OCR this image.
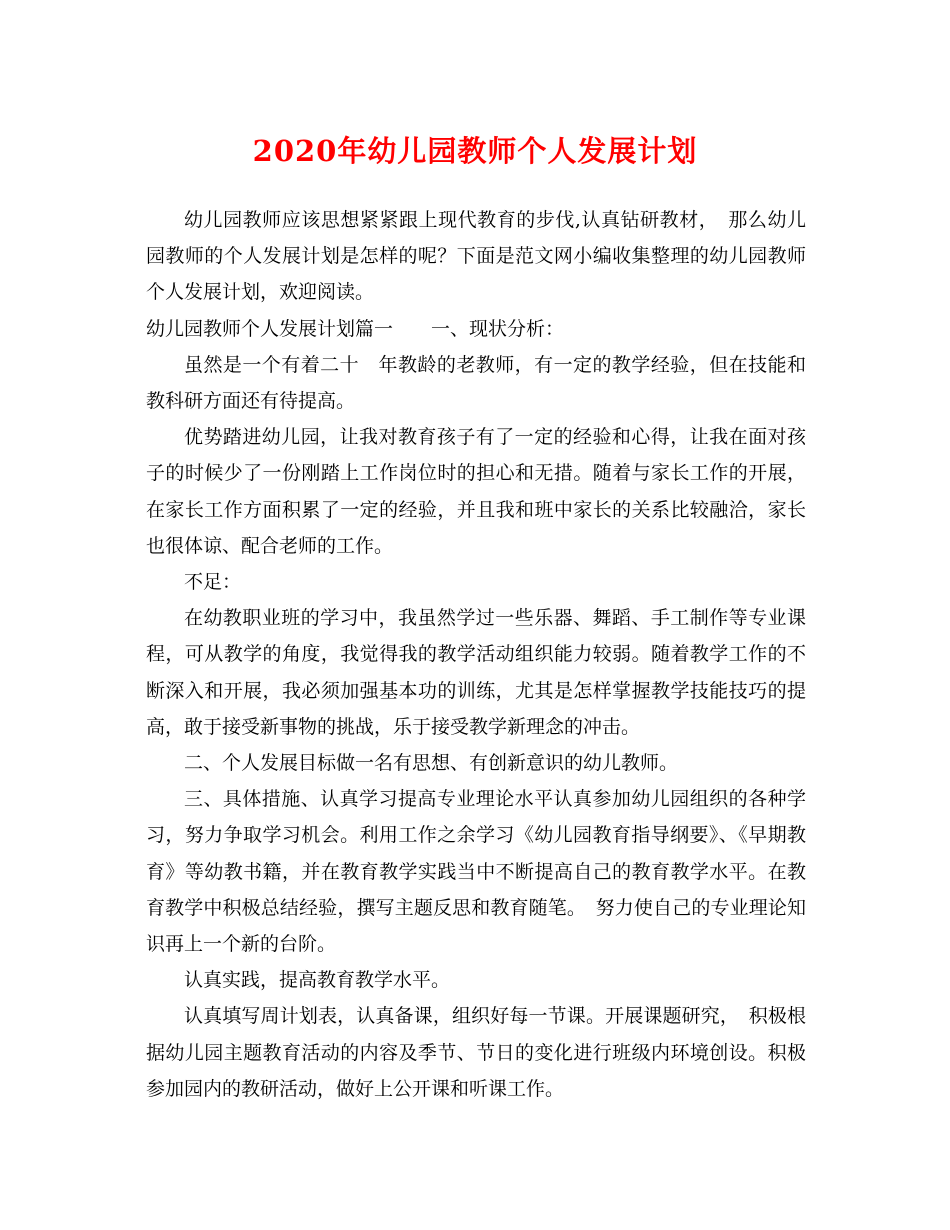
2020年幼儿园教师个人发展计划

幼儿园教师应该思想紧紧跟上现代教育的步伐,认真钻研教材，　那么幼儿园教师的个人发展计划是怎样的呢？下面是范文网小编收集整理的幼儿园教师个人发展计划，欢迎阅读。

幼儿园教师个人发展计划篇一　　一、现状分析：

虽然是一个有着二十　年教龄的老教师，有一定的教学经验，但在技能和教科研方面还有待提高。

优势踏进幼儿园，让我对教育孩子有了一定的经验和心得，让我在面对孩子的时候少了一份刚踏上工作岗位时的担心和无措。随着与家长工作的开展，在家长工作方面积累了一定的经验，并且我和班中家长的关系比较融洽，家长也很体谅、配合老师的工作。

不足：

在幼教职业班的学习中，我虽然学过一些乐器、舞蹈、手工制作等专业课程，可从教学的角度，我觉得我的教学活动组织能力较弱。随着教学工作的不断深入和开展，我必须加强基本功的训练，尤其是怎样掌握教学技能技巧的提高，敢于接受新事物的挑战，乐于接受教学新理念的冲击。

二、个人发展目标做一名有思想、有创新意识的幼儿教师。

三、具体措施、认真学习提高专业理论水平认真参加幼儿园组织的各种学习，努力争取学习机会。利用工作之余学习《幼儿园教育指导纲要》、《早期教育》等幼教书籍，并在教育教学实践当中不断提高自己的教育教学水平。在教育教学中积极总结经验，撰写主题反思和教育随笔。　努力使自己的专业理论知识再上一个新的台阶。

认真实践，提高教育教学水平。

认真填写周计划表，认真备课，组织好每一节课。开展课题研究，　积极根据幼儿园主题教育活动的内容及季节、节日的变化进行班级内环境创设。积极参加园内的教研活动，做好上公开课和听课工作。
